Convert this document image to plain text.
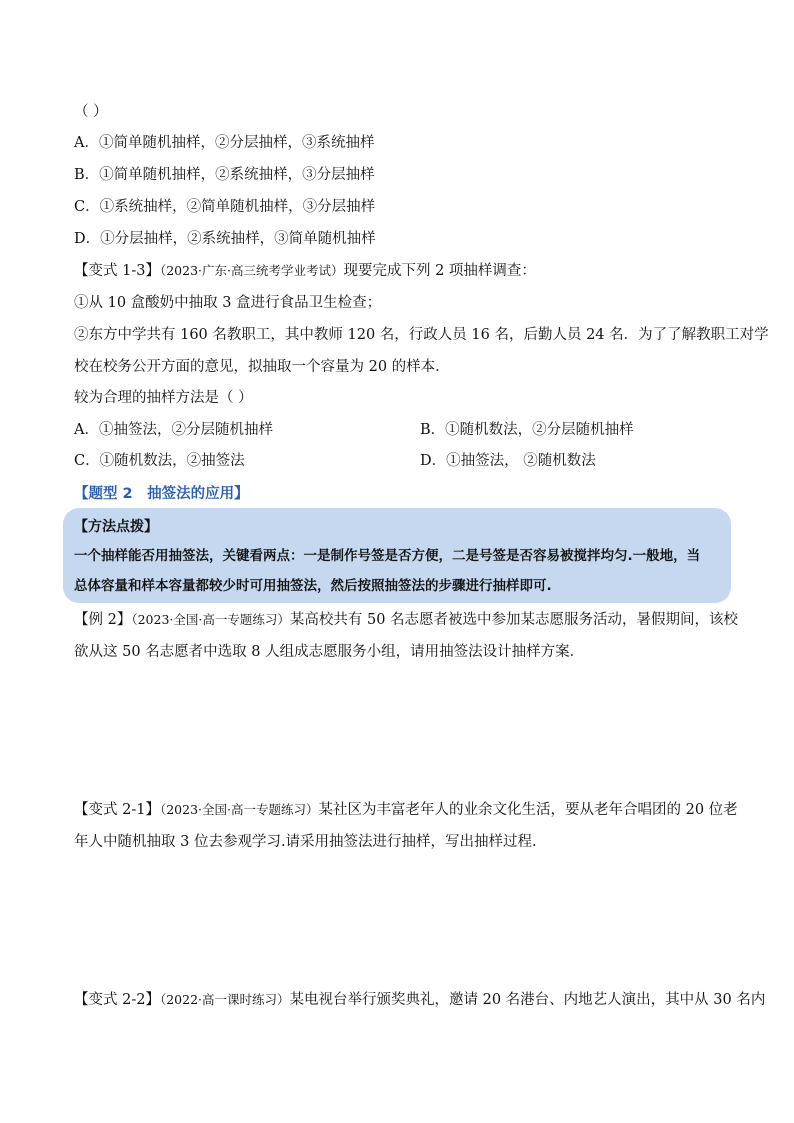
（ ）
A．①简单随机抽样，②分层抽样，③系统抽样
B．①简单随机抽样，②系统抽样，③分层抽样
C．①系统抽样，②简单随机抽样，③分层抽样
D．①分层抽样，②系统抽样，③简单随机抽样
【变式 1-3】（2023·广东·高三统考学业考试）现要完成下列 2 项抽样调查：
①从 10 盒酸奶中抽取 3 盒进行食品卫生检查；
②东方中学共有 160 名教职工，其中教师 120 名，行政人员 16 名，后勤人员 24 名．为了了解教职工对学
校在校务公开方面的意见，拟抽取一个容量为 20 的样本．
较为合理的抽样方法是（ ）
A．①抽签法，②分层随机抽样	B．①随机数法，②分层随机抽样
C．①随机数法，②抽签法	D．①抽签法， ②随机数法
【题型 2　抽签法的应用】
【方法点拨】
一个抽样能否用抽签法，关键看两点：一是制作号签是否方便，二是号签是否容易被搅拌均匀.一般地，当
总体容量和样本容量都较少时可用抽签法，然后按照抽签法的步骤进行抽样即可.
【例 2】（2023·全国·高一专题练习）某高校共有 50 名志愿者被选中参加某志愿服务活动，暑假期间，该校
欲从这 50 名志愿者中选取 8 人组成志愿服务小组，请用抽签法设计抽样方案．
【变式 2-1】（2023·全国·高一专题练习）某社区为丰富老年人的业余文化生活，要从老年合唱团的 20 位老
年人中随机抽取 3 位去参观学习.请采用抽签法进行抽样，写出抽样过程.
【变式 2-2】（2022·高一课时练习）某电视台举行颁奖典礼，邀请 20 名港台、内地艺人演出，其中从 30 名内
